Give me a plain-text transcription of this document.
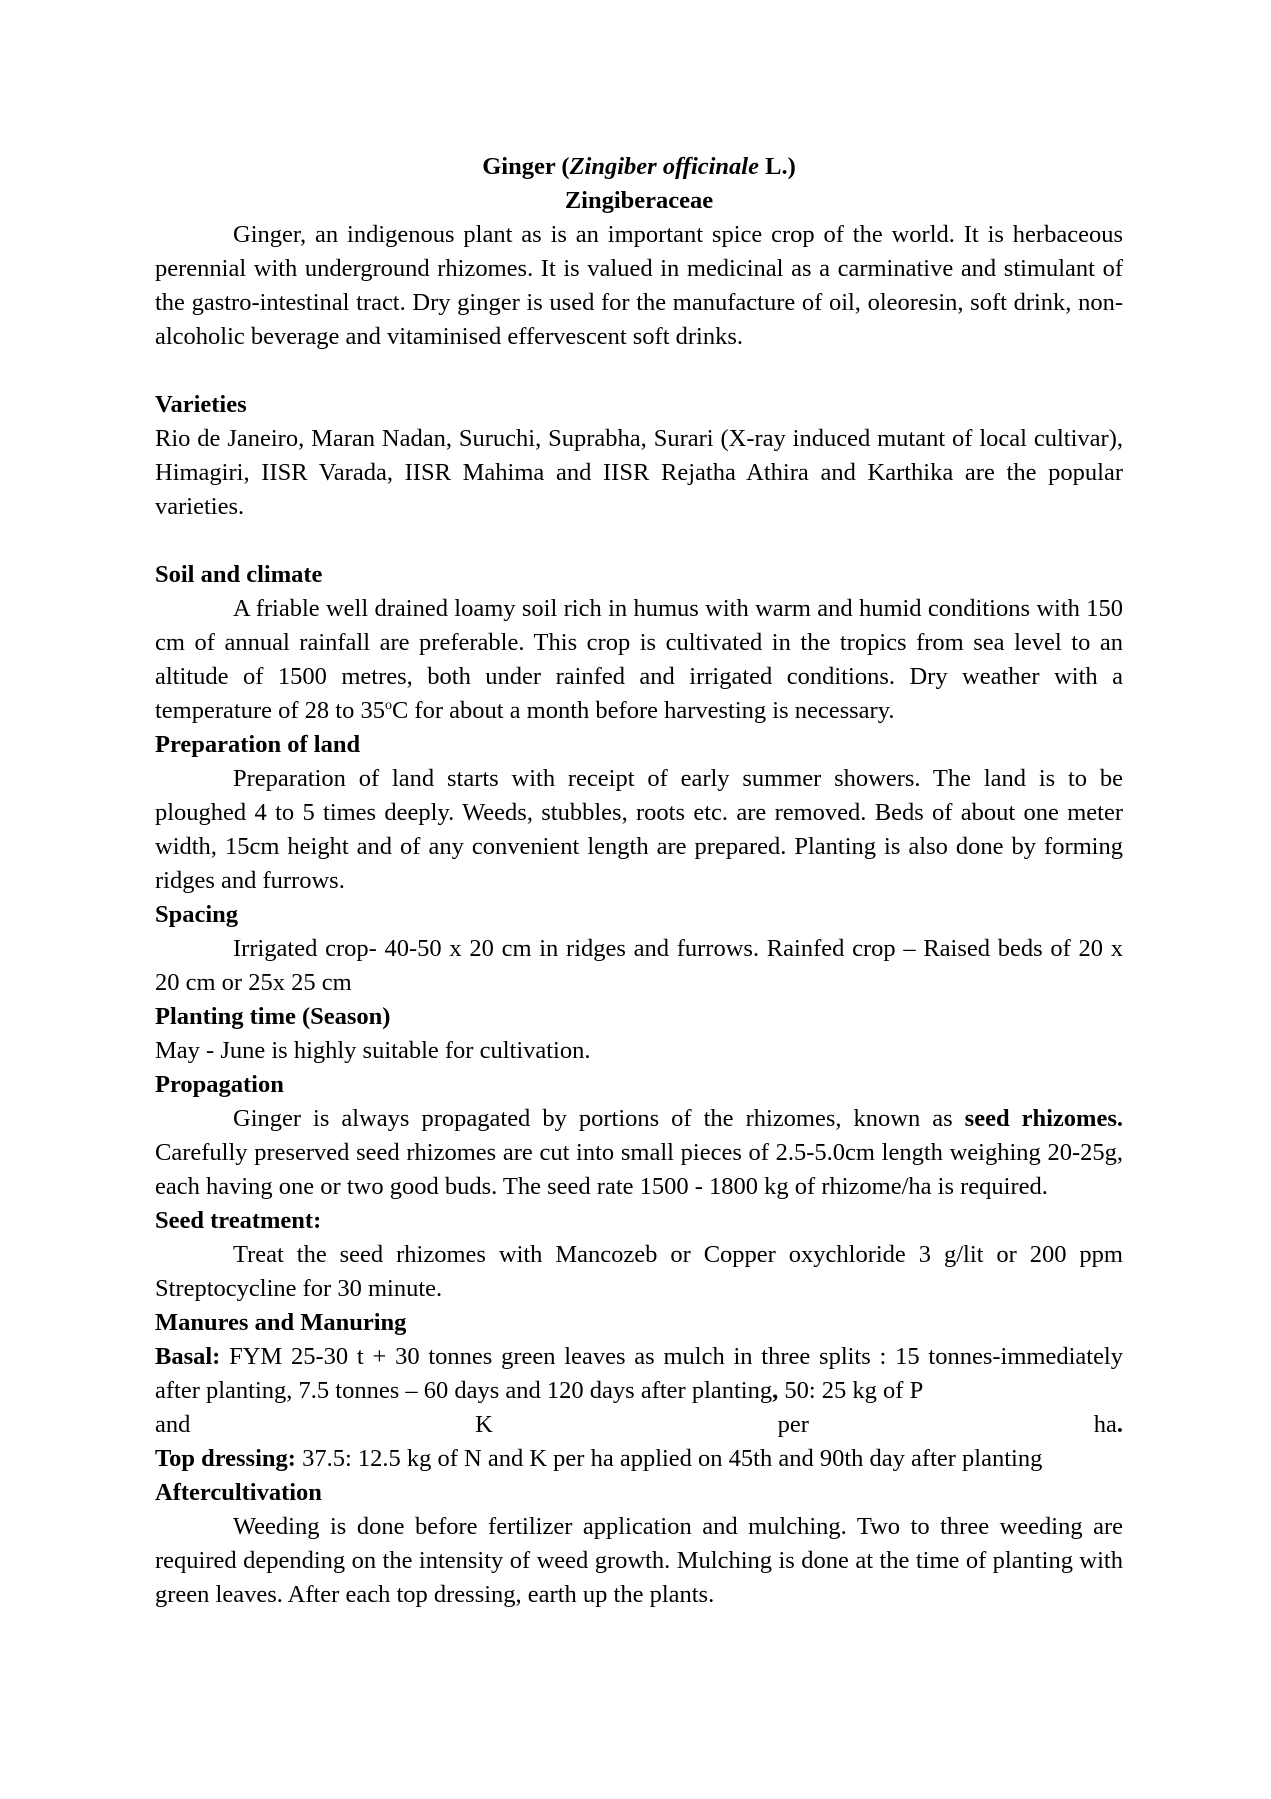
Ginger (Zingiber officinale L.)

Zingiberaceae

Ginger, an indigenous plant as is an important spice crop of the world. It is herbaceous perennial with underground rhizomes. It is valued in medicinal as a carminative and stimulant of the gastro-intestinal tract. Dry ginger is used for the manufacture of oil, oleoresin, soft drink, non-alcoholic beverage and vitaminised effervescent soft drinks.

Varieties

Rio de Janeiro, Maran Nadan, Suruchi, Suprabha, Surari (X-ray induced mutant of local cultivar), Himagiri, IISR Varada, IISR Mahima and IISR Rejatha Athira and Karthika are the popular varieties.

Soil and climate

A friable well drained loamy soil rich in humus with warm and humid conditions with 150 cm of annual rainfall are preferable. This crop is cultivated in the tropics from sea level to an altitude of 1500 metres, both under rainfed and irrigated conditions. Dry weather with a temperature of 28 to 35$^o$C for about a month before harvesting is necessary.

Preparation of land

Preparation of land starts with receipt of early summer showers. The land is to be ploughed 4 to 5 times deeply. Weeds, stubbles, roots etc. are removed. Beds of about one meter width, 15cm height and of any convenient length are prepared. Planting is also done by forming ridges and furrows.

Spacing

Irrigated crop- 40-50 x 20 cm in ridges and furrows. Rainfed crop – Raised beds of 20 x 20 cm or 25x 25 cm

Planting time (Season)

May - June is highly suitable for cultivation.

Propagation

Ginger is always propagated by portions of the rhizomes, known as seed rhizomes. Carefully preserved seed rhizomes are cut into small pieces of 2.5-5.0cm length weighing 20-25g, each having one or two good buds. The seed rate 1500 - 1800 kg of rhizome/ha is required.

Seed treatment:

Treat the seed rhizomes with Mancozeb or Copper oxychloride 3 g/lit or 200 ppm Streptocycline for 30 minute.

Manures and Manuring

Basal: FYM 25-30 t + 30 tonnes green leaves as mulch in three splits : 15 tonnes-immediately after planting, 7.5 tonnes – 60 days and 120 days after planting, 50: 25 kg of P

and	K	per	ha.

Top dressing: 37.5: 12.5 kg of N and K per ha applied on 45th and 90th day after planting

Aftercultivation

Weeding is done before fertilizer application and mulching. Two to three weeding are required depending on the intensity of weed growth. Mulching is done at the time of planting with green leaves. After each top dressing, earth up the plants.
